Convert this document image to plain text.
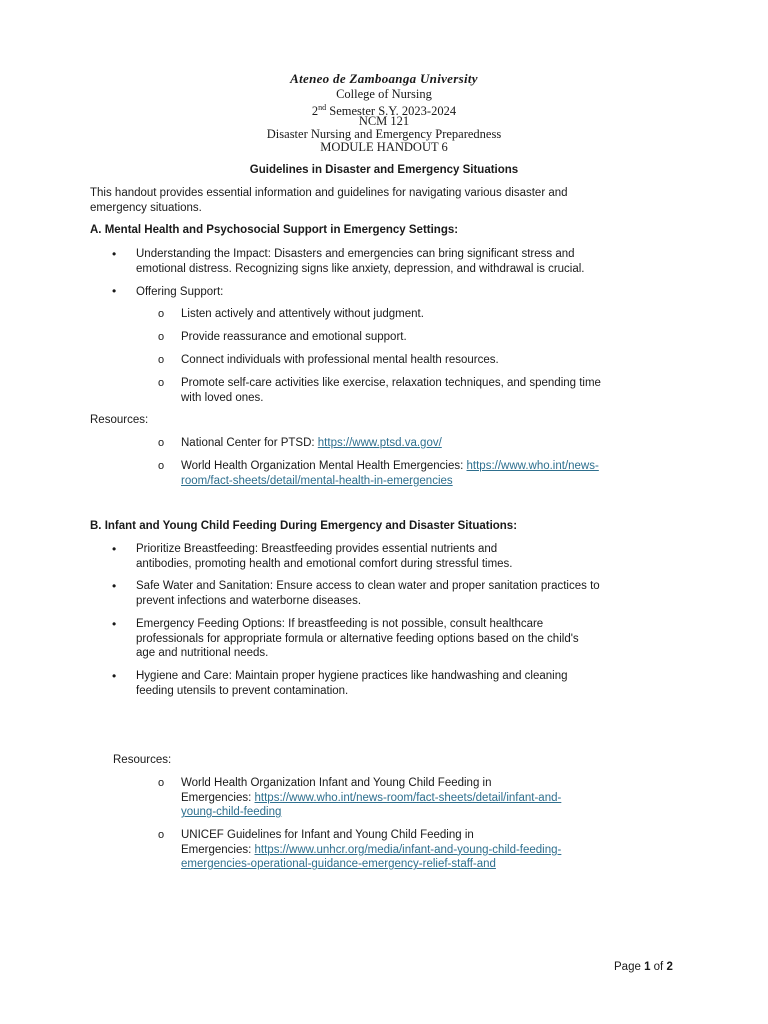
Ateneo de Zamboanga University
College of Nursing
2nd Semester S.Y. 2023-2024
NCM 121
Disaster Nursing and Emergency Preparedness
MODULE HANDOUT 6
Guidelines in Disaster and Emergency Situations
This handout provides essential information and guidelines for navigating various disaster and
emergency situations.
A. Mental Health and Psychosocial Support in Emergency Settings:
• Understanding the Impact: Disasters and emergencies can bring significant stress and
emotional distress. Recognizing signs like anxiety, depression, and withdrawal is crucial.
• Offering Support:
o Listen actively and attentively without judgment.
o Provide reassurance and emotional support.
o Connect individuals with professional mental health resources.
o Promote self-care activities like exercise, relaxation techniques, and spending time
with loved ones.
Resources:
o National Center for PTSD: https://www.ptsd.va.gov/
o World Health Organization Mental Health Emergencies: https://www.who.int/news-
room/fact-sheets/detail/mental-health-in-emergencies
B. Infant and Young Child Feeding During Emergency and Disaster Situations:
• Prioritize Breastfeeding: Breastfeeding provides essential nutrients and
antibodies, promoting health and emotional comfort during stressful times.
• Safe Water and Sanitation: Ensure access to clean water and proper sanitation practices to
prevent infections and waterborne diseases.
• Emergency Feeding Options: If breastfeeding is not possible, consult healthcare
professionals for appropriate formula or alternative feeding options based on the child's
age and nutritional needs.
• Hygiene and Care: Maintain proper hygiene practices like handwashing and cleaning
feeding utensils to prevent contamination.
Resources:
o World Health Organization Infant and Young Child Feeding in
Emergencies: https://www.who.int/news-room/fact-sheets/detail/infant-and-
young-child-feeding
o UNICEF Guidelines for Infant and Young Child Feeding in
Emergencies: https://www.unhcr.org/media/infant-and-young-child-feeding-
emergencies-operational-guidance-emergency-relief-staff-and
Page 1 of 2
